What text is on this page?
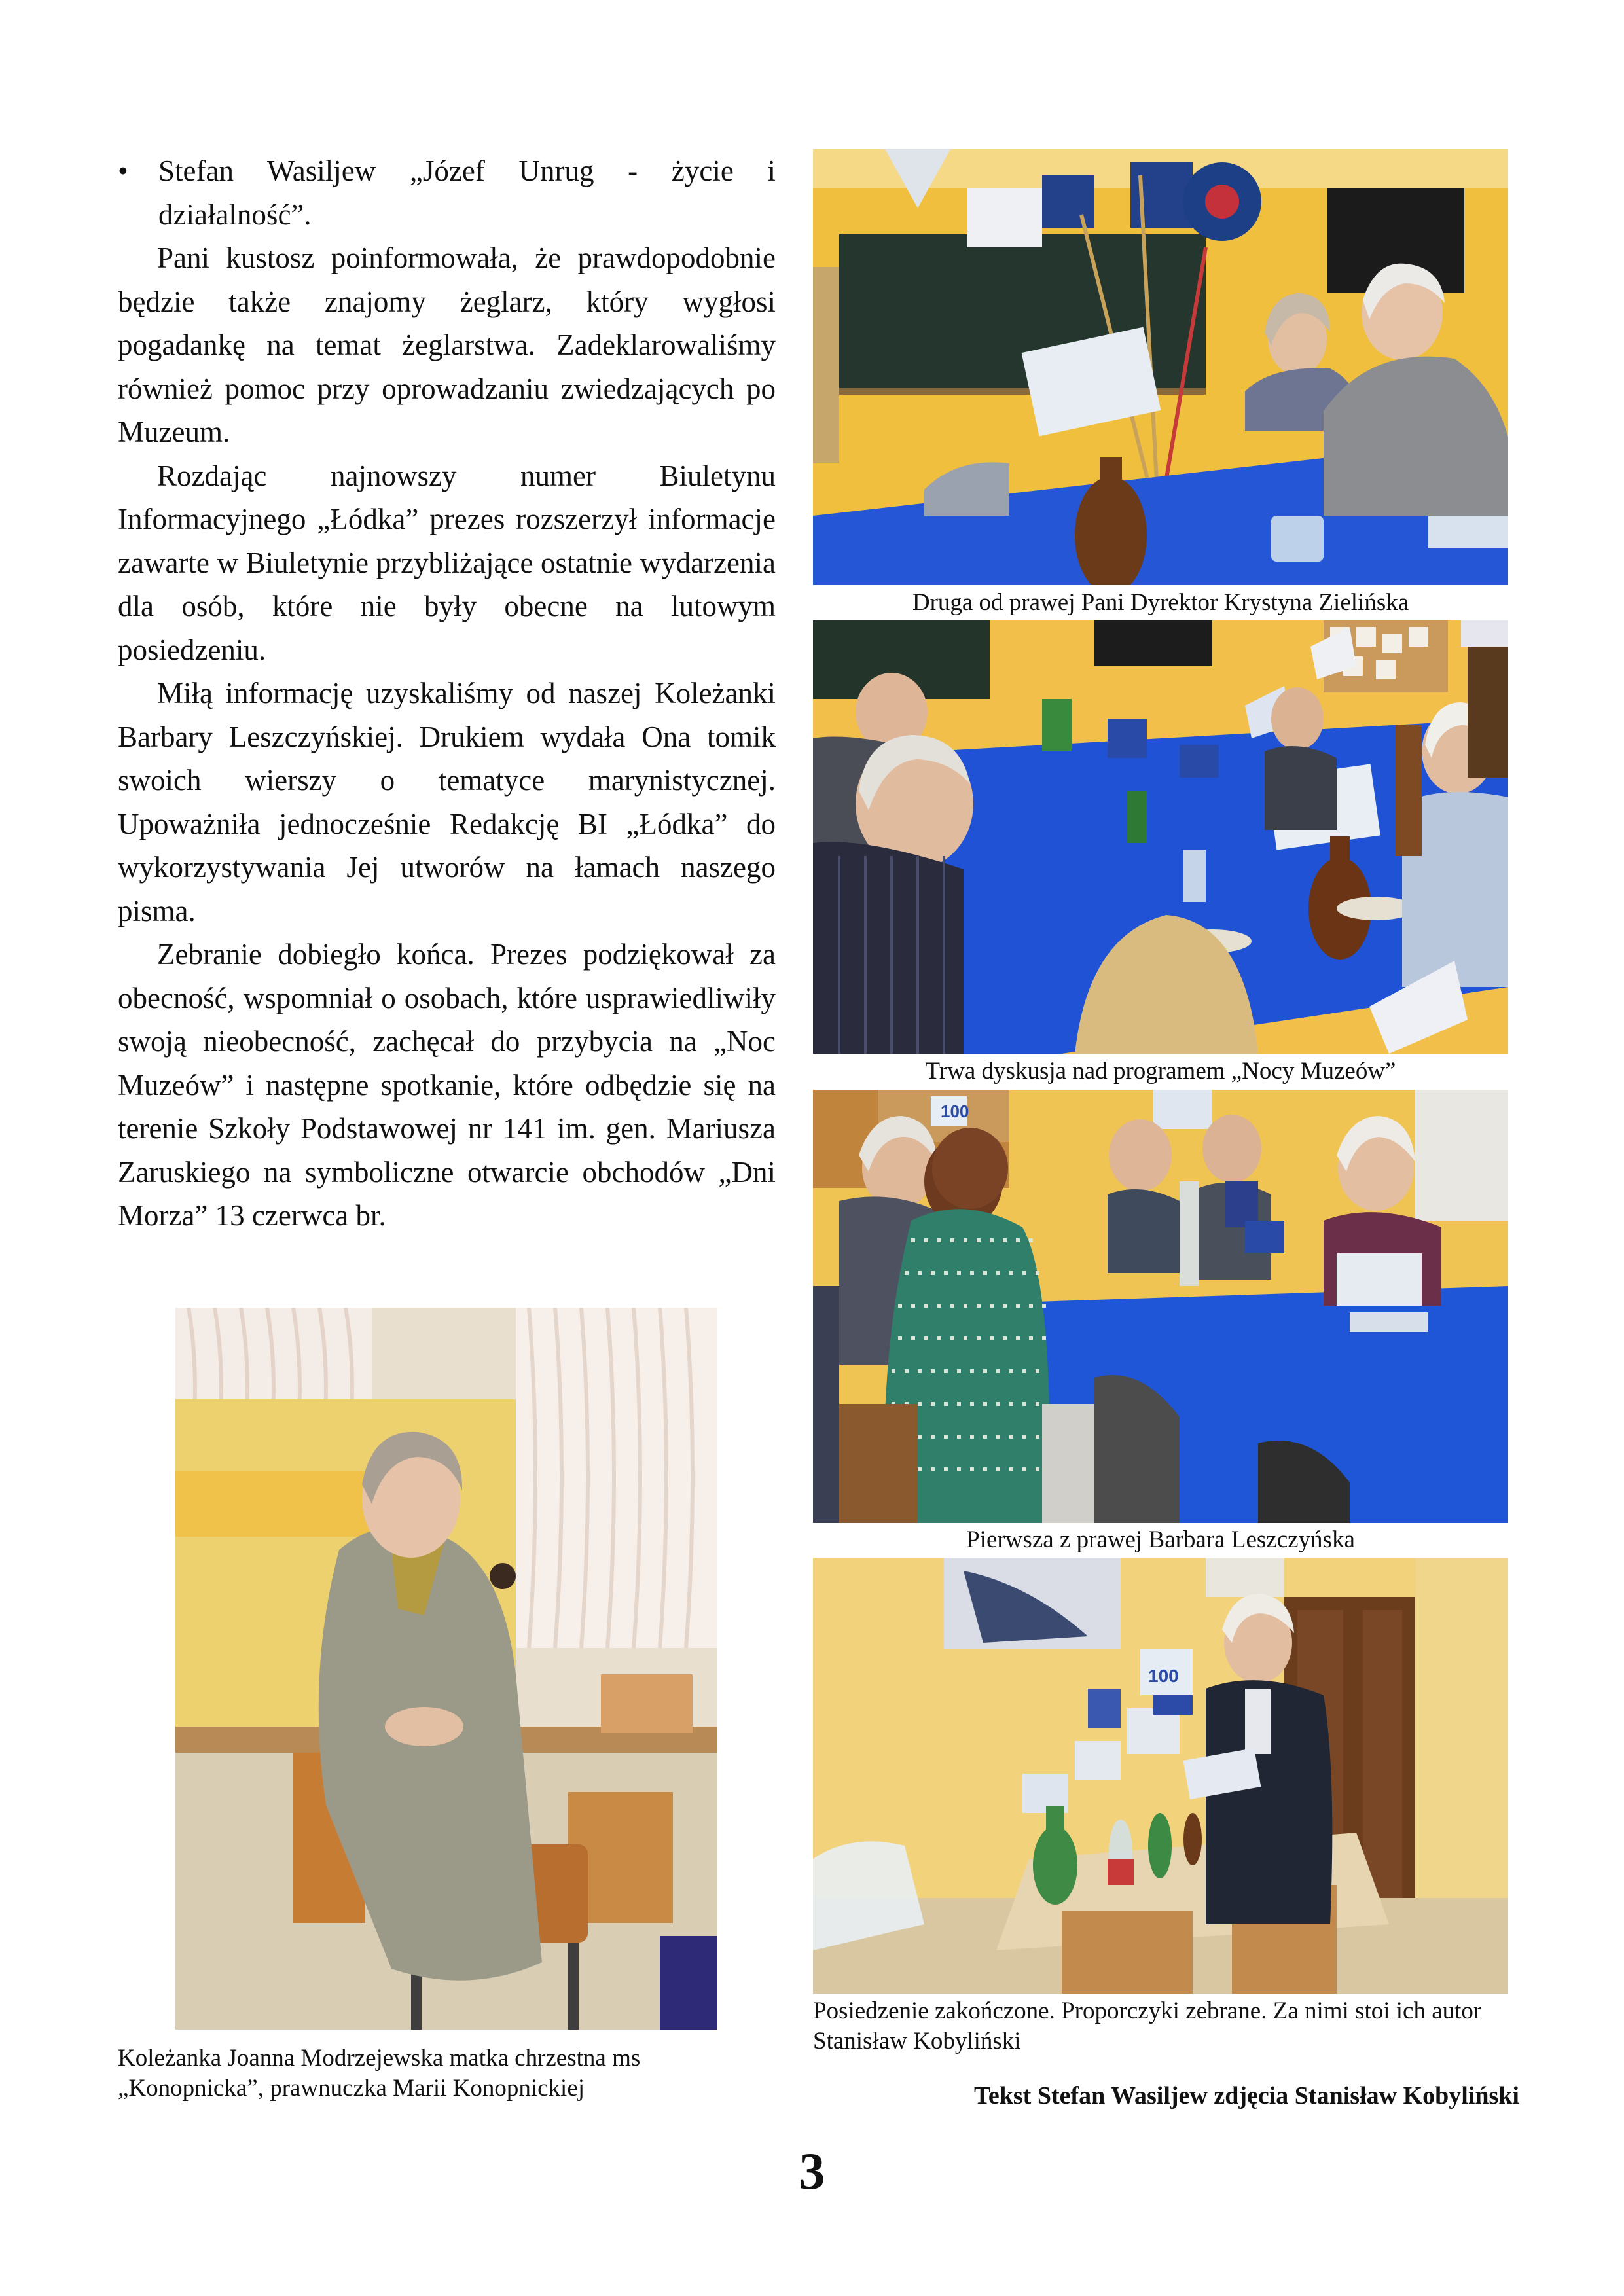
• Stefan Wasiljew „Józef Unrug - życie i działalność”.

Pani kustosz poinformowała, że prawdopodobnie będzie także znajomy żeglarz, który wygłosi pogadankę na temat żeglarstwa. Zadeklarowaliśmy również pomoc przy oprowadzaniu zwiedzających po Muzeum.

Rozdając najnowszy numer Biuletynu Informacyjnego „Łódka” prezes rozszerzył informacje zawarte w Biuletynie przybliżające ostatnie wydarzenia dla osób, które nie były obecne na lutowym posiedzeniu.

Miłą informację uzyskaliśmy od naszej Koleżanki Barbary Leszczyńskiej. Drukiem wydała Ona tomik swoich wierszy o tematyce marynistycznej. Upoważniła jednocześnie Redakcję BI „Łódka” do wykorzystywania Jej utworów na łamach naszego pisma.

Zebranie dobiegło końca. Prezes podziękował za obecność, wspomniał o osobach, które usprawiedliwiły swoją nieobecność, zachęcał do przybycia na „Noc Muzeów” i następne spotkanie, które odbędzie się na terenie Szkoły Podstawowej nr 141 im. gen. Mariusza Zaruskiego na symboliczne otwarcie obchodów „Dni Morza” 13 czerwca br.

Koleżanka Joanna Modrzejewska matka chrzestna ms „Konopnicka”, prawnuczka Marii Konopnickiej
Druga od prawej Pani Dyrektor Krystyna Zielińska
Trwa dyskusja nad programem „Nocy Muzeów”
100
Pierwsza z prawej Barbara Leszczyńska
100
Posiedzenie zakończone. Proporczyki zebrane. Za nimi stoi ich autor Stanisław Kobyliński
Tekst Stefan Wasiljew zdjęcia Stanisław Kobyliński
3
